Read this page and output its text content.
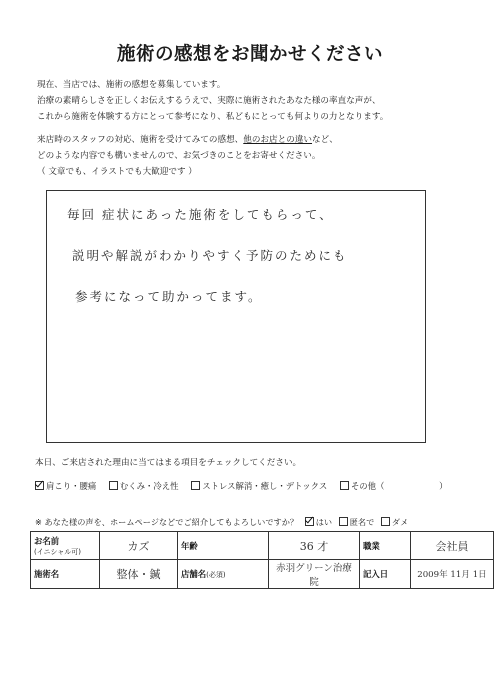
施術の感想をお聞かせください
現在、当店では、施術の感想を募集しています。
治療の素晴らしさを正しくお伝えするうえで、実際に施術されたあなた様の率直な声が、
これから施術を体験する方にとって参考になり、私どもにとっても何よりの力となります。
来店時のスタッフの対応、施術を受けてみての感想、他のお店との違いなど、
どのような内容でも構いませんので、お気づきのことをお寄せください。
（ 文章でも、イラストでも大歓迎です ）
毎回 症状にあった施術をしてもらって、
説明や解説がわかりやすく予防のためにも
参考になって助かってます。
本日、ご来店された理由に当てはまる項目をチェックしてください。
肩こり・腰痛	むくみ・冷え性	ストレス解消・癒し・デトックス	その他（	）
※ あなた様の声を、ホームページなどでご紹介してもよろしいですか？ はい 匿名で ダメ
お名前
(イニシャル可)	カズ	年齢	36 才	職業	会社員
施術名	整体・鍼	店舗名(必須)	赤羽グリーン治療院	記入日	2009年 11月 1日
